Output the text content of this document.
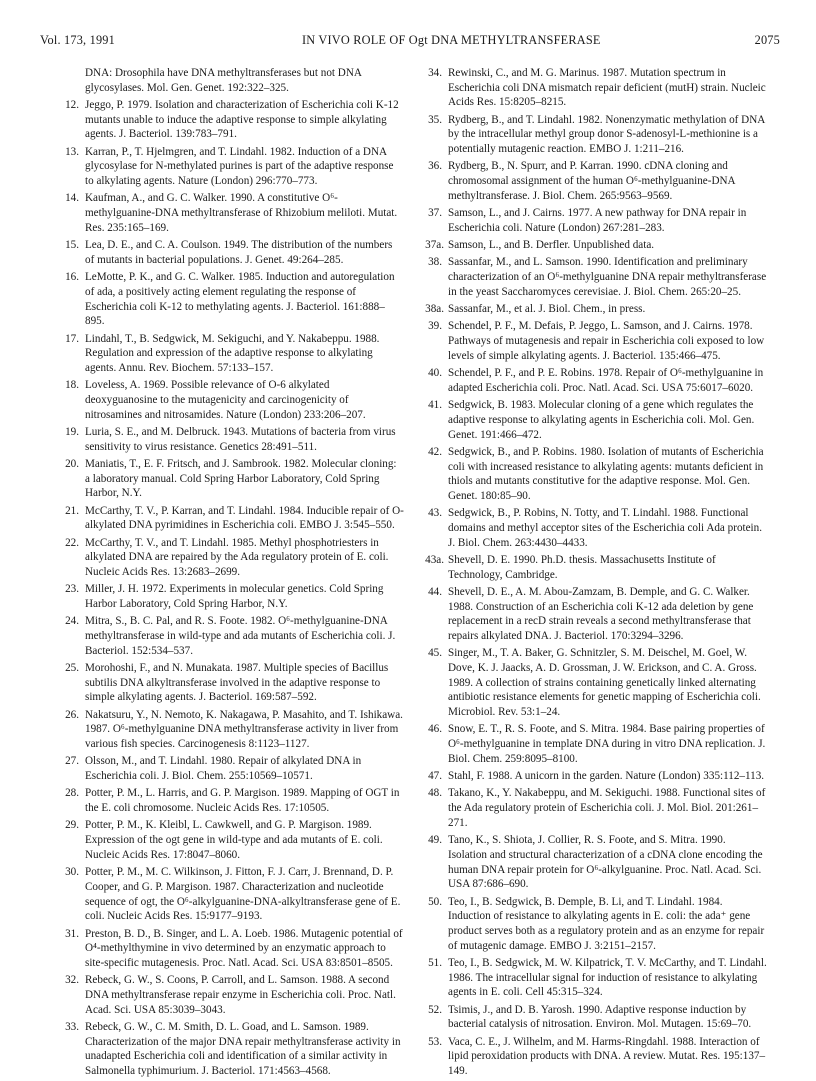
Vol. 173, 1991	IN VIVO ROLE OF Ogt DNA METHYLTRANSFERASE	2075
DNA: Drosophila have DNA methyltransferases but not DNA glycosylases. Mol. Gen. Genet. 192:322–325.
12. Jeggo, P. 1979. Isolation and characterization of Escherichia coli K-12 mutants unable to induce the adaptive response to simple alkylating agents. J. Bacteriol. 139:783–791.
13. Karran, P., T. Hjelmgren, and T. Lindahl. 1982. Induction of a DNA glycosylase for N-methylated purines is part of the adaptive response to alkylating agents. Nature (London) 296:770–773.
14. Kaufman, A., and G. C. Walker. 1990. A constitutive O⁶-methylguanine-DNA methyltransferase of Rhizobium meliloti. Mutat. Res. 235:165–169.
15. Lea, D. E., and C. A. Coulson. 1949. The distribution of the numbers of mutants in bacterial populations. J. Genet. 49:264–285.
16. LeMotte, P. K., and G. C. Walker. 1985. Induction and autoregulation of ada, a positively acting element regulating the response of Escherichia coli K-12 to methylating agents. J. Bacteriol. 161:888–895.
17. Lindahl, T., B. Sedgwick, M. Sekiguchi, and Y. Nakabeppu. 1988. Regulation and expression of the adaptive response to alkylating agents. Annu. Rev. Biochem. 57:133–157.
18. Loveless, A. 1969. Possible relevance of O-6 alkylated deoxyguanosine to the mutagenicity and carcinogenicity of nitrosamines and nitrosamides. Nature (London) 233:206–207.
19. Luria, S. E., and M. Delbruck. 1943. Mutations of bacteria from virus sensitivity to virus resistance. Genetics 28:491–511.
20. Maniatis, T., E. F. Fritsch, and J. Sambrook. 1982. Molecular cloning: a laboratory manual. Cold Spring Harbor Laboratory, Cold Spring Harbor, N.Y.
21. McCarthy, T. V., P. Karran, and T. Lindahl. 1984. Inducible repair of O-alkylated DNA pyrimidines in Escherichia coli. EMBO J. 3:545–550.
22. McCarthy, T. V., and T. Lindahl. 1985. Methyl phosphotriesters in alkylated DNA are repaired by the Ada regulatory protein of E. coli. Nucleic Acids Res. 13:2683–2699.
23. Miller, J. H. 1972. Experiments in molecular genetics. Cold Spring Harbor Laboratory, Cold Spring Harbor, N.Y.
24. Mitra, S., B. C. Pal, and R. S. Foote. 1982. O⁶-methylguanine-DNA methyltransferase in wild-type and ada mutants of Escherichia coli. J. Bacteriol. 152:534–537.
25. Morohoshi, F., and N. Munakata. 1987. Multiple species of Bacillus subtilis DNA alkyltransferase involved in the adaptive response to simple alkylating agents. J. Bacteriol. 169:587–592.
26. Nakatsuru, Y., N. Nemoto, K. Nakagawa, P. Masahito, and T. Ishikawa. 1987. O⁶-methylguanine DNA methyltransferase activity in liver from various fish species. Carcinogenesis 8:1123–1127.
27. Olsson, M., and T. Lindahl. 1980. Repair of alkylated DNA in Escherichia coli. J. Biol. Chem. 255:10569–10571.
28. Potter, P. M., L. Harris, and G. P. Margison. 1989. Mapping of OGT in the E. coli chromosome. Nucleic Acids Res. 17:10505.
29. Potter, P. M., K. Kleibl, L. Cawkwell, and G. P. Margison. 1989. Expression of the ogt gene in wild-type and ada mutants of E. coli. Nucleic Acids Res. 17:8047–8060.
30. Potter, P. M., M. C. Wilkinson, J. Fitton, F. J. Carr, J. Brennand, D. P. Cooper, and G. P. Margison. 1987. Characterization and nucleotide sequence of ogt, the O⁶-alkylguanine-DNA-alkyltransferase gene of E. coli. Nucleic Acids Res. 15:9177–9193.
31. Preston, B. D., B. Singer, and L. A. Loeb. 1986. Mutagenic potential of O⁴-methylthymine in vivo determined by an enzymatic approach to site-specific mutagenesis. Proc. Natl. Acad. Sci. USA 83:8501–8505.
32. Rebeck, G. W., S. Coons, P. Carroll, and L. Samson. 1988. A second DNA methyltransferase repair enzyme in Escherichia coli. Proc. Natl. Acad. Sci. USA 85:3039–3043.
33. Rebeck, G. W., C. M. Smith, D. L. Goad, and L. Samson. 1989. Characterization of the major DNA repair methyltransferase activity in unadapted Escherichia coli and identification of a similar activity in Salmonella typhimurium. J. Bacteriol. 171:4563–4568.
34. Rewinski, C., and M. G. Marinus. 1987. Mutation spectrum in Escherichia coli DNA mismatch repair deficient (mutH) strain. Nucleic Acids Res. 15:8205–8215.
35. Rydberg, B., and T. Lindahl. 1982. Nonenzymatic methylation of DNA by the intracellular methyl group donor S-adenosyl-L-methionine is a potentially mutagenic reaction. EMBO J. 1:211–216.
36. Rydberg, B., N. Spurr, and P. Karran. 1990. cDNA cloning and chromosomal assignment of the human O⁶-methylguanine-DNA methyltransferase. J. Biol. Chem. 265:9563–9569.
37. Samson, L., and J. Cairns. 1977. A new pathway for DNA repair in Escherichia coli. Nature (London) 267:281–283.
37a. Samson, L., and B. Derfler. Unpublished data.
38. Sassanfar, M., and L. Samson. 1990. Identification and preliminary characterization of an O⁶-methylguanine DNA repair methyltransferase in the yeast Saccharomyces cerevisiae. J. Biol. Chem. 265:20–25.
38a. Sassanfar, M., et al. J. Biol. Chem., in press.
39. Schendel, P. F., M. Defais, P. Jeggo, L. Samson, and J. Cairns. 1978. Pathways of mutagenesis and repair in Escherichia coli exposed to low levels of simple alkylating agents. J. Bacteriol. 135:466–475.
40. Schendel, P. F., and P. E. Robins. 1978. Repair of O⁶-methylguanine in adapted Escherichia coli. Proc. Natl. Acad. Sci. USA 75:6017–6020.
41. Sedgwick, B. 1983. Molecular cloning of a gene which regulates the adaptive response to alkylating agents in Escherichia coli. Mol. Gen. Genet. 191:466–472.
42. Sedgwick, B., and P. Robins. 1980. Isolation of mutants of Escherichia coli with increased resistance to alkylating agents: mutants deficient in thiols and mutants constitutive for the adaptive response. Mol. Gen. Genet. 180:85–90.
43. Sedgwick, B., P. Robins, N. Totty, and T. Lindahl. 1988. Functional domains and methyl acceptor sites of the Escherichia coli Ada protein. J. Biol. Chem. 263:4430–4433.
43a. Shevell, D. E. 1990. Ph.D. thesis. Massachusetts Institute of Technology, Cambridge.
44. Shevell, D. E., A. M. Abou-Zamzam, B. Demple, and G. C. Walker. 1988. Construction of an Escherichia coli K-12 ada deletion by gene replacement in a recD strain reveals a second methyltransferase that repairs alkylated DNA. J. Bacteriol. 170:3294–3296.
45. Singer, M., T. A. Baker, G. Schnitzler, S. M. Deischel, M. Goel, W. Dove, K. J. Jaacks, A. D. Grossman, J. W. Erickson, and C. A. Gross. 1989. A collection of strains containing genetically linked alternating antibiotic resistance elements for genetic mapping of Escherichia coli. Microbiol. Rev. 53:1–24.
46. Snow, E. T., R. S. Foote, and S. Mitra. 1984. Base pairing properties of O⁶-methylguanine in template DNA during in vitro DNA replication. J. Biol. Chem. 259:8095–8100.
47. Stahl, F. 1988. A unicorn in the garden. Nature (London) 335:112–113.
48. Takano, K., Y. Nakabeppu, and M. Sekiguchi. 1988. Functional sites of the Ada regulatory protein of Escherichia coli. J. Mol. Biol. 201:261–271.
49. Tano, K., S. Shiota, J. Collier, R. S. Foote, and S. Mitra. 1990. Isolation and structural characterization of a cDNA clone encoding the human DNA repair protein for O⁶-alkylguanine. Proc. Natl. Acad. Sci. USA 87:686–690.
50. Teo, I., B. Sedgwick, B. Demple, B. Li, and T. Lindahl. 1984. Induction of resistance to alkylating agents in E. coli: the ada⁺ gene product serves both as a regulatory protein and as an enzyme for repair of mutagenic damage. EMBO J. 3:2151–2157.
51. Teo, I., B. Sedgwick, M. W. Kilpatrick, T. V. McCarthy, and T. Lindahl. 1986. The intracellular signal for induction of resistance to alkylating agents in E. coli. Cell 45:315–324.
52. Tsimis, J., and D. B. Yarosh. 1990. Adaptive response induction by bacterial catalysis of nitrosation. Environ. Mol. Mutagen. 15:69–70.
53. Vaca, C. E., J. Wilhelm, and M. Harms-Ringdahl. 1988. Interaction of lipid peroxidation products with DNA. A review. Mutat. Res. 195:137–149.
